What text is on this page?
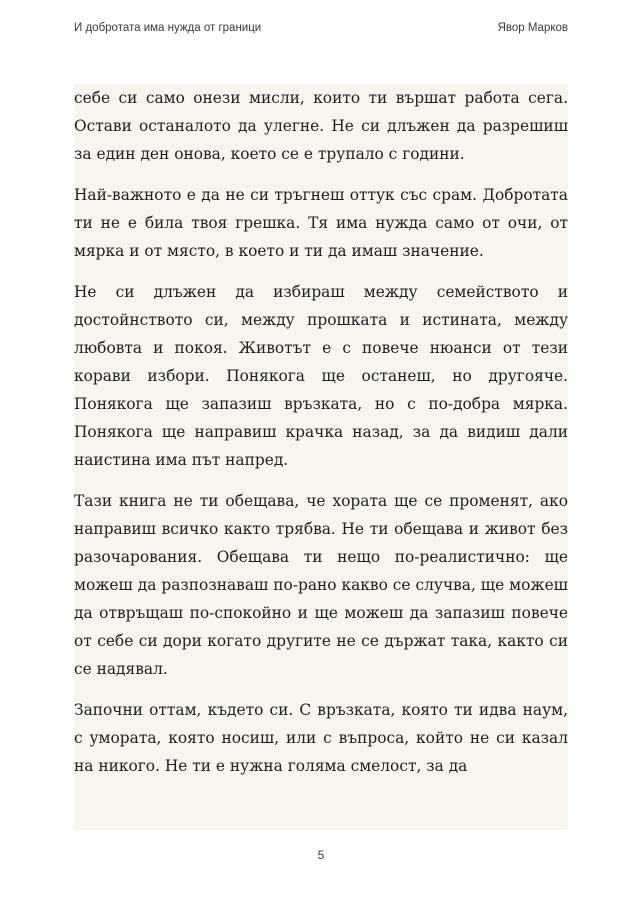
И добротата има нужда от граници	Явор Марков

себе си само онези мисли, които ти вършат работа сега. Остави останалото да улегне. Не си длъжен да разрешиш за един ден онова, което се е трупало с години.

Най-важното е да не си тръгнеш оттук със срам. Добротата ти не е била твоя грешка. Тя има нужда само от очи, от мярка и от място, в което и ти да имаш значение.

Не си длъжен да избираш между семейството и достойнството си, между прошката и истината, между любовта и покоя. Животът е с повече нюанси от тези корави избори. Понякога ще останеш, но другояче. Понякога ще запазиш връзката, но с по-добра мярка. Понякога ще направиш крачка назад, за да видиш дали наистина има път напред.

Тази книга не ти обещава, че хората ще се променят, ако направиш всичко както трябва. Не ти обещава и живот без разочарования. Обещава ти нещо по-реалистично: ще можеш да разпознаваш по-рано какво се случва, ще можеш да отвръщаш по-спокойно и ще можеш да запазиш повече от себе си дори когато другите не се държат така, както си се надявал.

Започни оттам, където си. С връзката, която ти идва наум, с умората, която носиш, или с въпроса, който не си казал на никого. Не ти е нужна голяма смелост, за да

5
